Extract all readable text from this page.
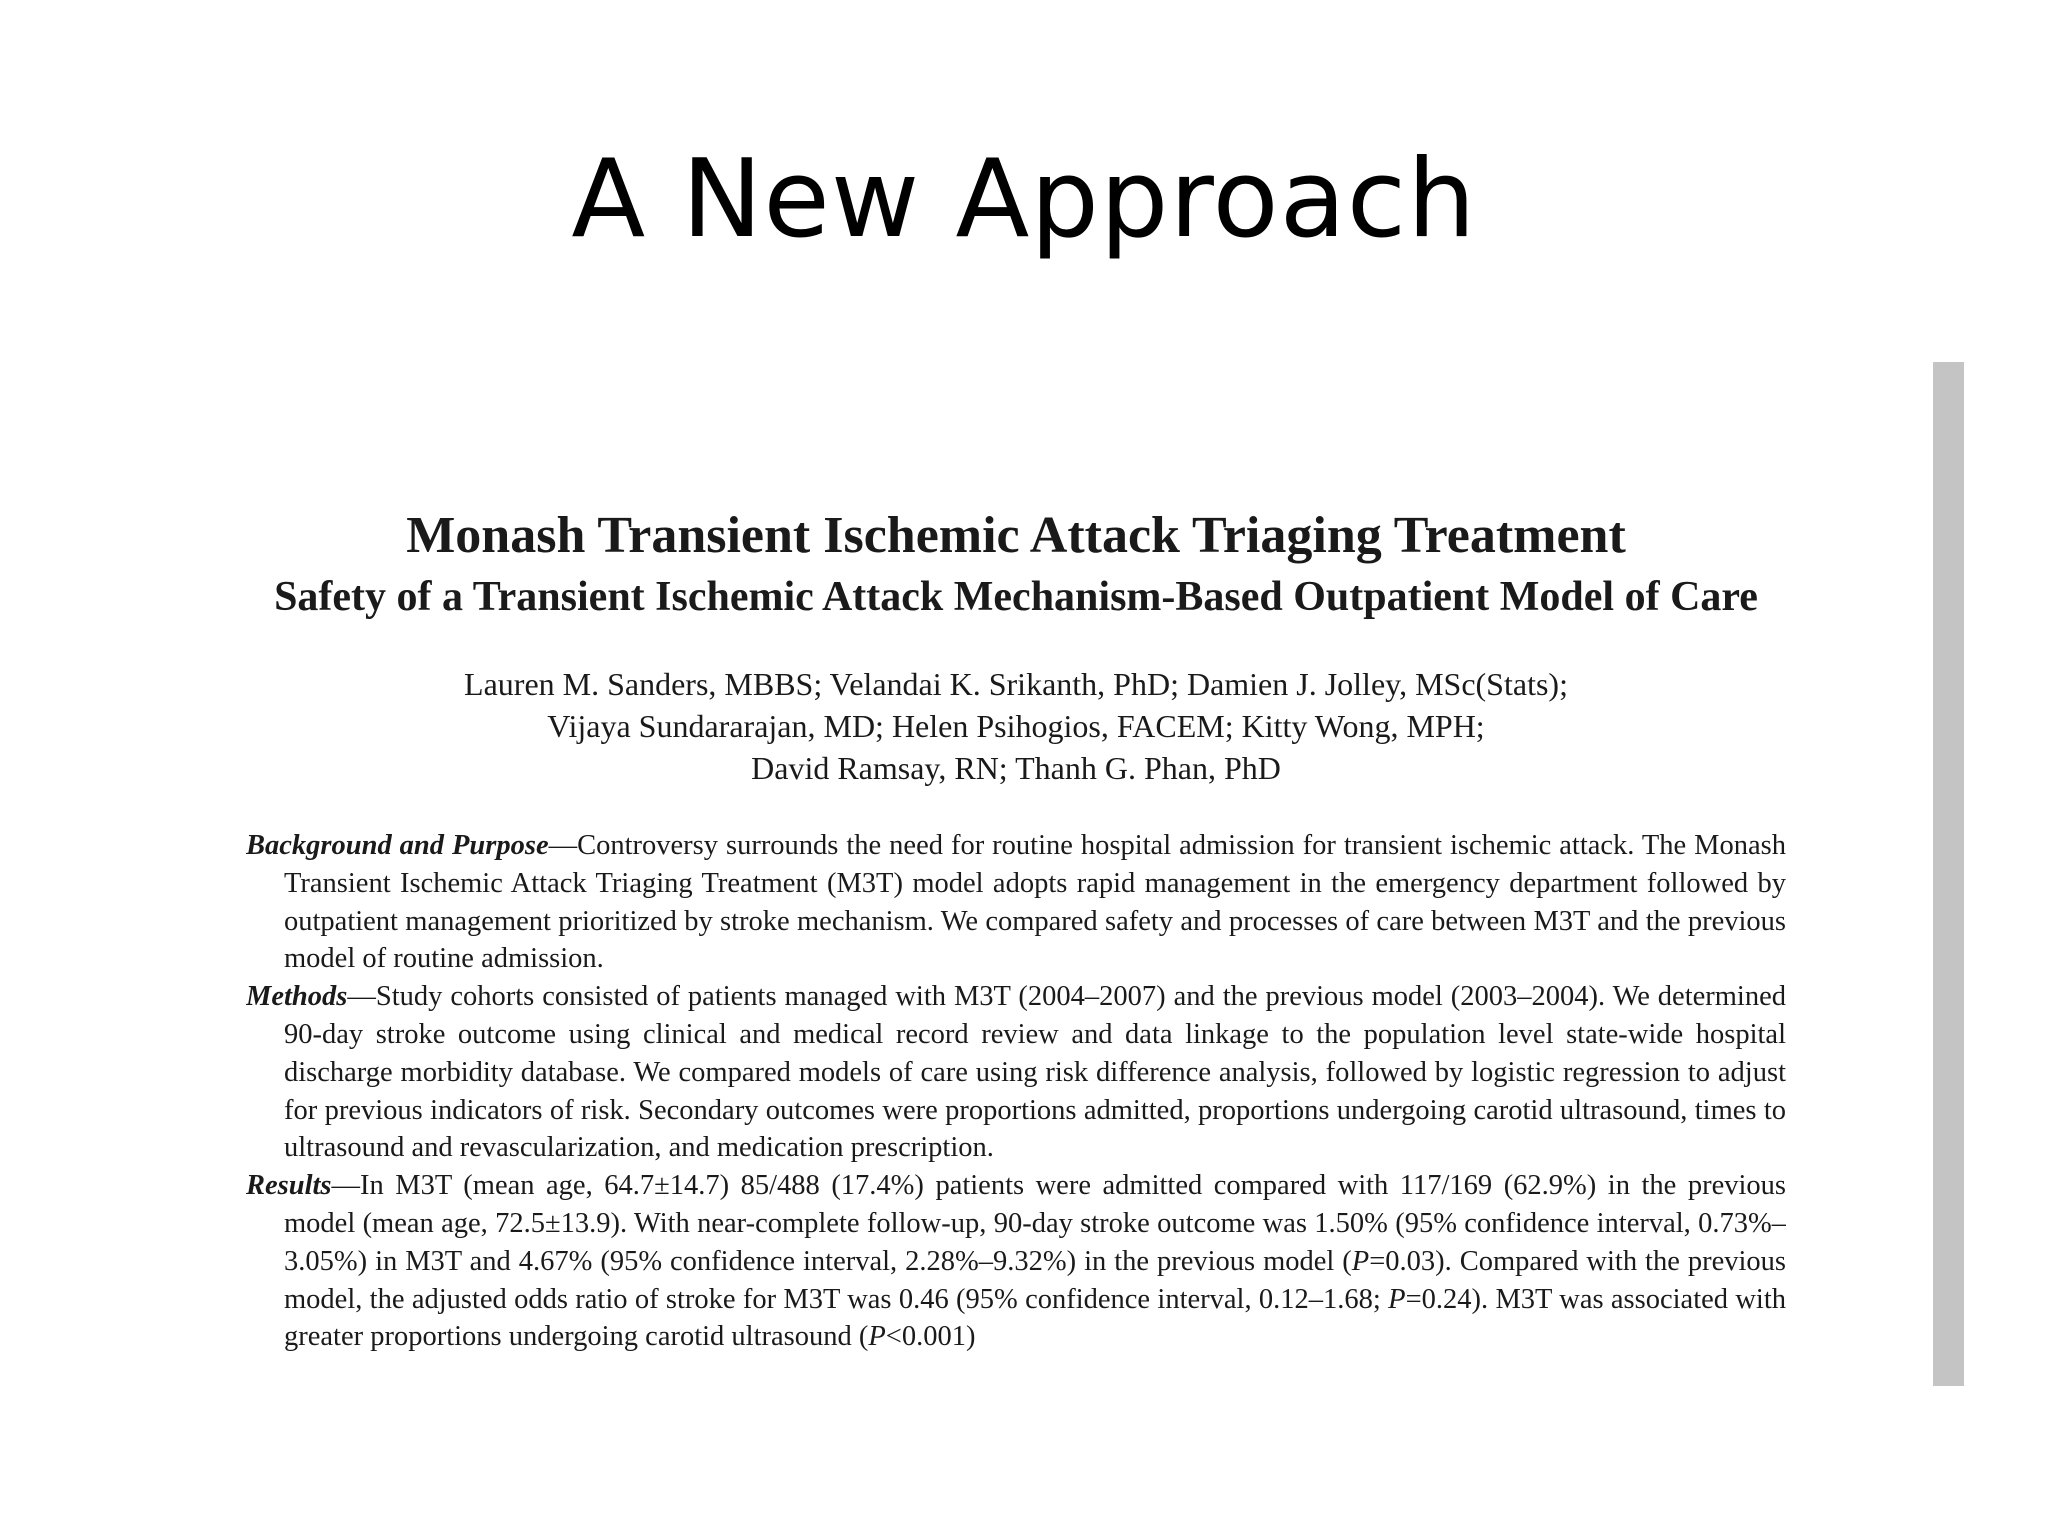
A New Approach
Monash Transient Ischemic Attack Triaging Treatment
Safety of a Transient Ischemic Attack Mechanism-Based Outpatient Model of Care
Lauren M. Sanders, MBBS; Velandai K. Srikanth, PhD; Damien J. Jolley, MSc(Stats);
Vijaya Sundararajan, MD; Helen Psihogios, FACEM; Kitty Wong, MPH;
David Ramsay, RN; Thanh G. Phan, PhD

Background and Purpose—Controversy surrounds the need for routine hospital admission for transient ischemic attack. The Monash Transient Ischemic Attack Triaging Treatment (M3T) model adopts rapid management in the emergency department followed by outpatient management prioritized by stroke mechanism. We compared safety and processes of care between M3T and the previous model of routine admission.

Methods—Study cohorts consisted of patients managed with M3T (2004–2007) and the previous model (2003–2004). We determined 90-day stroke outcome using clinical and medical record review and data linkage to the population level state-wide hospital discharge morbidity database. We compared models of care using risk difference analysis, followed by logistic regression to adjust for previous indicators of risk. Secondary outcomes were proportions admitted, proportions undergoing carotid ultrasound, times to ultrasound and revascularization, and medication prescription.

Results—In M3T (mean age, 64.7±14.7) 85/488 (17.4%) patients were admitted compared with 117/169 (62.9%) in the previous model (mean age, 72.5±13.9). With near-complete follow-up, 90-day stroke outcome was 1.50% (95% confidence interval, 0.73%–3.05%) in M3T and 4.67% (95% confidence interval, 2.28%–9.32%) in the previous model (P=0.03). Compared with the previous model, the adjusted odds ratio of stroke for M3T was 0.46 (95% confidence interval, 0.12–1.68; P=0.24). M3T was associated with greater proportions undergoing carotid ultrasound (P<0.001)
